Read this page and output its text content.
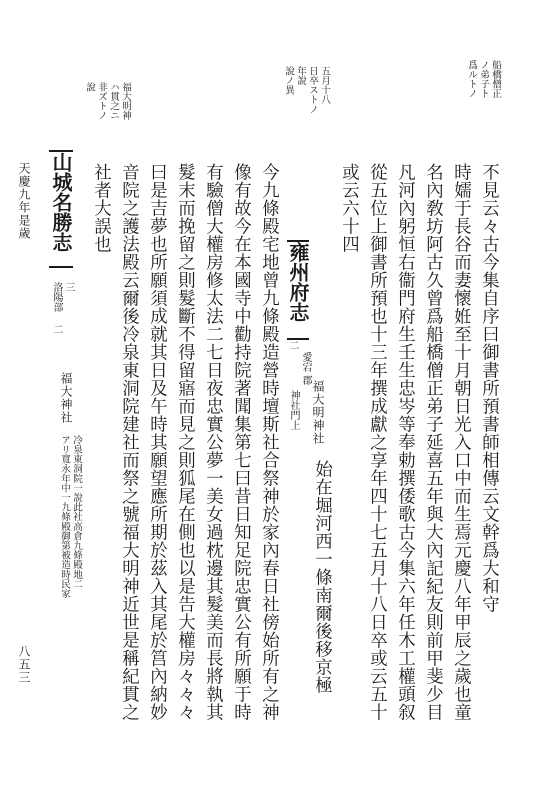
船橋僧正
ノ弟子ト
爲ルトノ
五月十八
日卒ストノ
年說
說ノ異
福大明神
ハ貫之ニ
非ズトノ
說
不見云々古今集自序曰御書所預書師相傳云文幹爲大和守
時嬬于長谷而妻懷姙至十月朝日光入口中而生焉元慶八年甲辰之歲也童
名內敎坊阿古久曾爲船橋僧正弟子延喜五年與大內記紀友則前甲斐少目
凡河內躬恒右衞門府生壬生忠岑等奉勅撰倭歌古今集六年任木工權頭叙
從五位上御書所預也十三年撰成獻之享年四十七五月十八日卒或云五十
或云六十四
雍州府志
二
愛宕
郡
神社門上 福大明神社
始在堀河西一條南爾後移京極
今九條殿宅地曾九條殿造營時壇斯社合祭神於家內春日社傍始所有之神
像有故今在本國寺中勸持院著聞集第七曰昔日知足院忠實公有所願于時
有驗僧大權房修太法二七日夜忠實公夢一美女過枕邊其髮美而長將執其
髮末而挽留之則髮斷不得留寤而見之則狐尾在側也以是告大權房々々々
曰是吉夢也所願須成就其日及午時其願望應所期於茲入其尾於筥內納妙
音院之護法殿云爾後冷泉東洞院建社而祭之號福大明神近世是稱紀貫之
社者大誤也
山城名勝志
三
洛陽部
二
福大神社
冷泉東洞院一說此社高倉九條殿地二
アリ寬永年中一九條殿御第被造時民家
天慶九年是歲
八五三
